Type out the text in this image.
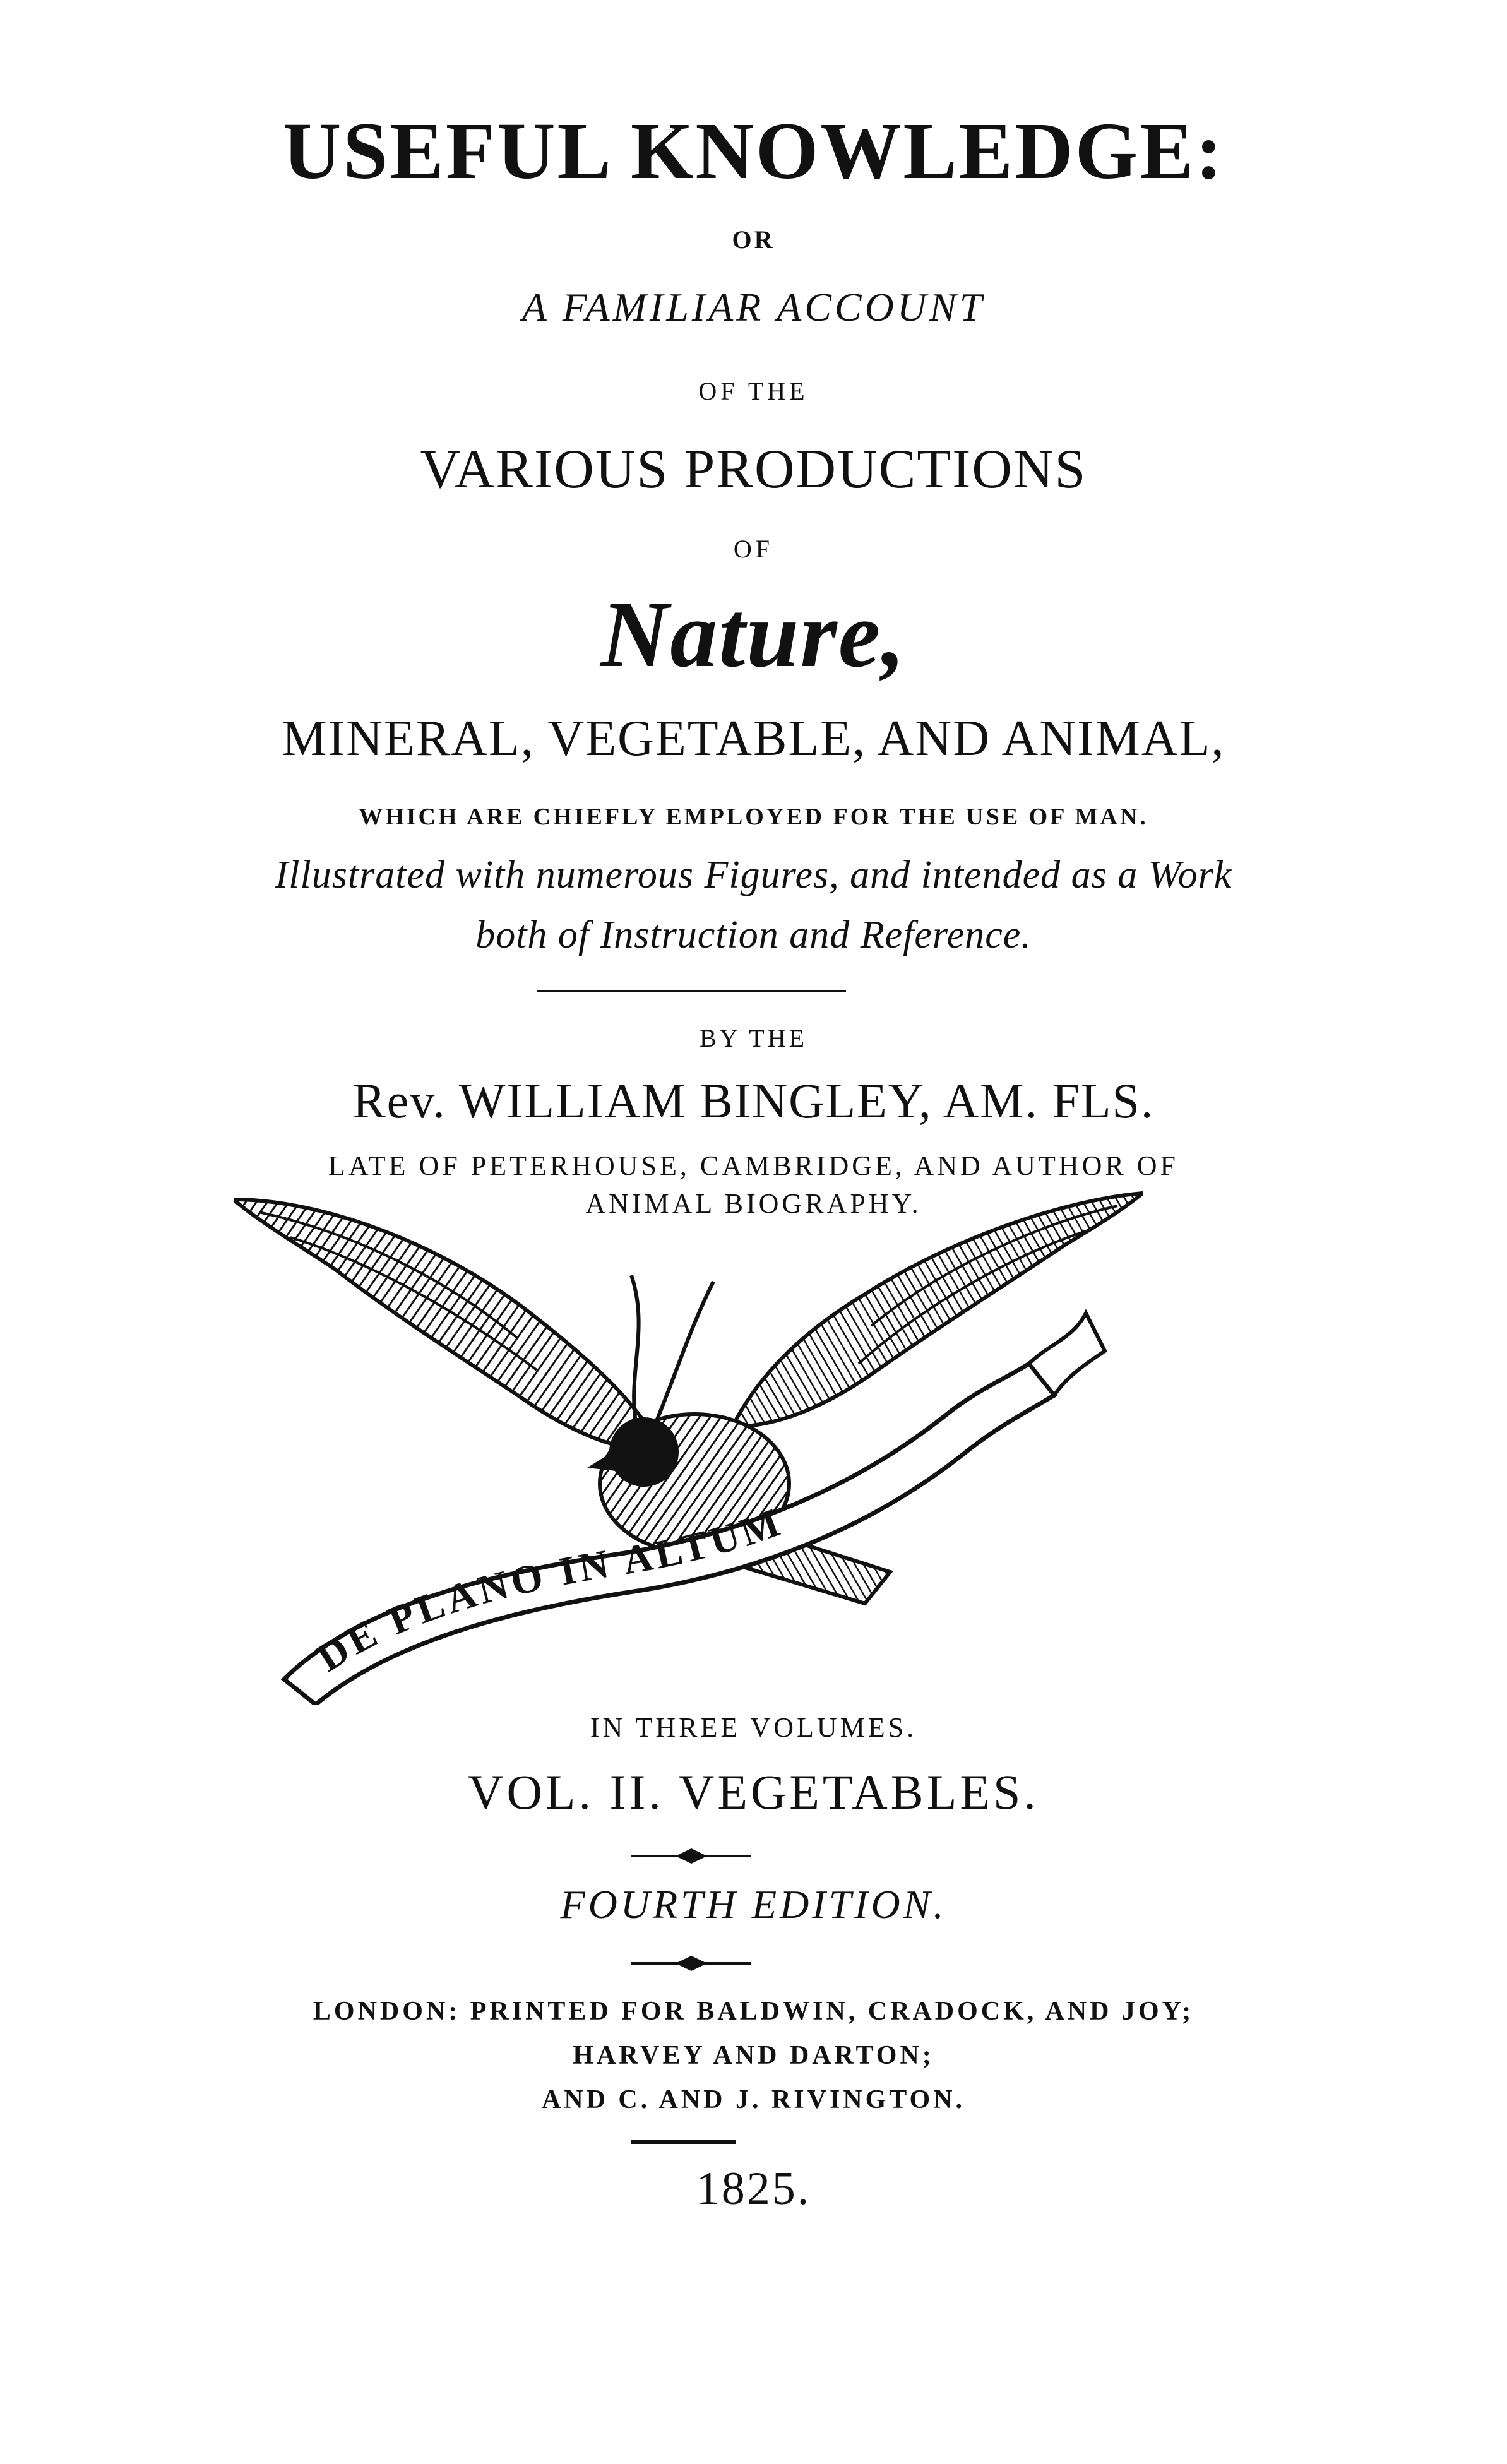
USEFUL KNOWLEDGE:
OR
A FAMILIAR ACCOUNT
OF THE
VARIOUS PRODUCTIONS
OF
Nature,
MINERAL, VEGETABLE, AND ANIMAL,
WHICH ARE CHIEFLY EMPLOYED FOR THE USE OF MAN.
Illustrated with numerous Figures, and intended as a Work
both of Instruction and Reference.
BY THE
Rev. WILLIAM BINGLEY, AM. FLS.
LATE OF PETERHOUSE, CAMBRIDGE, AND AUTHOR OF
ANIMAL BIOGRAPHY.
DE PLANO IN ALTUM
IN THREE VOLUMES.
VOL. II. VEGETABLES.
FOURTH EDITION.
LONDON: PRINTED FOR BALDWIN, CRADOCK, AND JOY;
HARVEY AND DARTON;
AND C. AND J. RIVINGTON.
1825.
